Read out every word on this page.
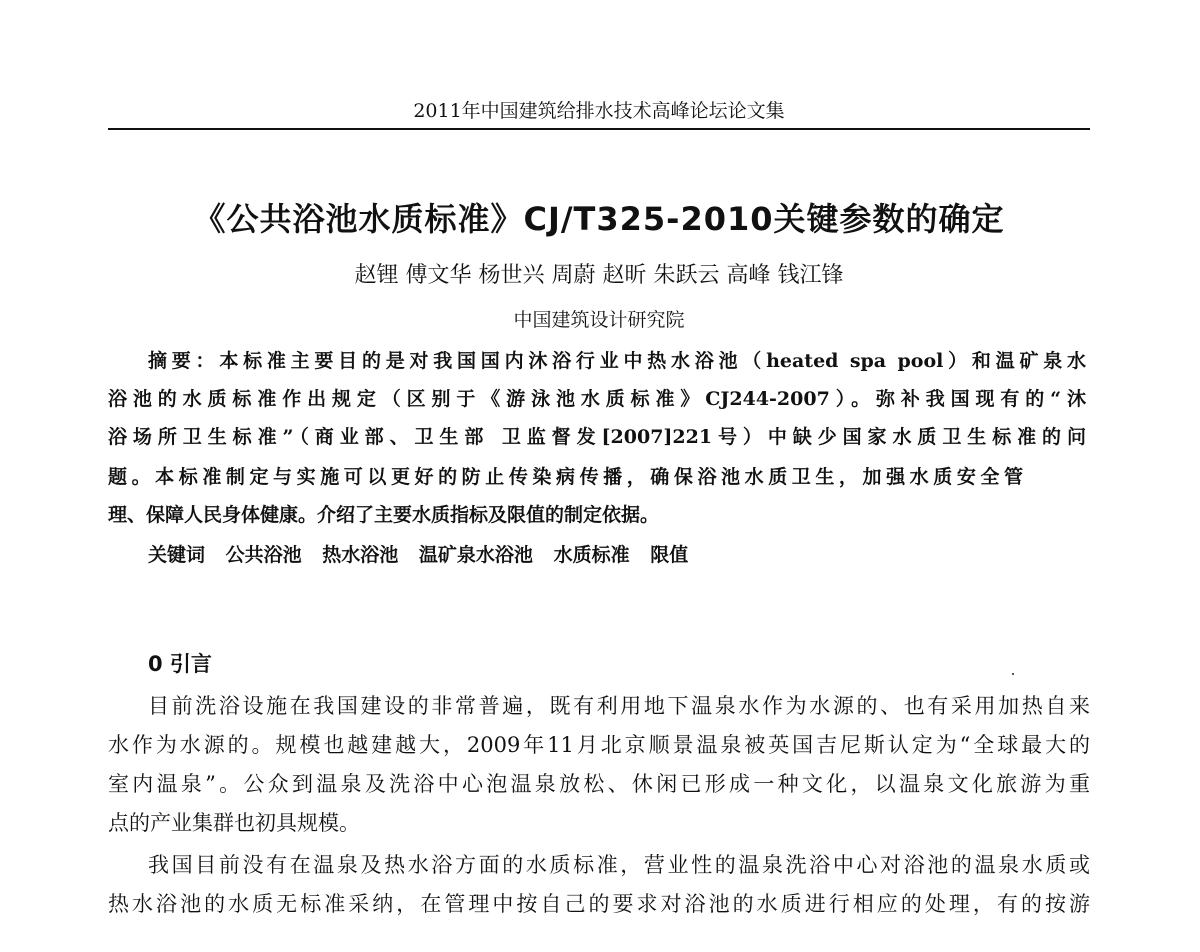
2011年中国建筑给排水技术高峰论坛论文集
《公共浴池水质标准》CJ/T325-2010关键参数的确定
赵锂 傅文华 杨世兴 周蔚 赵昕 朱跃云 高峰 钱江锋
中国建筑设计研究院
摘要：本标准主要目的是对我国国内沐浴行业中热水浴池（heated spa pool）和温矿泉水
浴池的水质标准作出规定（区别于《游泳池水质标准》CJ244-2007）。弥补我国现有的“沐
浴场所卫生标准”（商业部、卫生部 卫监督发[2007]221号）中缺少国家水质卫生标准的问
题。本标准制定与实施可以更好的防止传染病传播，确保浴池水质卫生，加强水质安全管
理、保障人民身体健康。介绍了主要水质指标及限值的制定依据。
关键词 公共浴池 热水浴池 温矿泉水浴池 水质标准 限值
0 引言
目前洗浴设施在我国建设的非常普遍，既有利用地下温泉水作为水源的、也有采用加热自来
水作为水源的。规模也越建越大，2009年11月北京顺景温泉被英国吉尼斯认定为“全球最大的
室内温泉”。公众到温泉及洗浴中心泡温泉放松、休闲已形成一种文化，以温泉文化旅游为重
点的产业集群也初具规模。
我国目前没有在温泉及热水浴方面的水质标准，营业性的温泉洗浴中心对浴池的温泉水质或
热水浴池的水质无标准采纳，在管理中按自己的要求对浴池的水质进行相应的处理，有的按游
